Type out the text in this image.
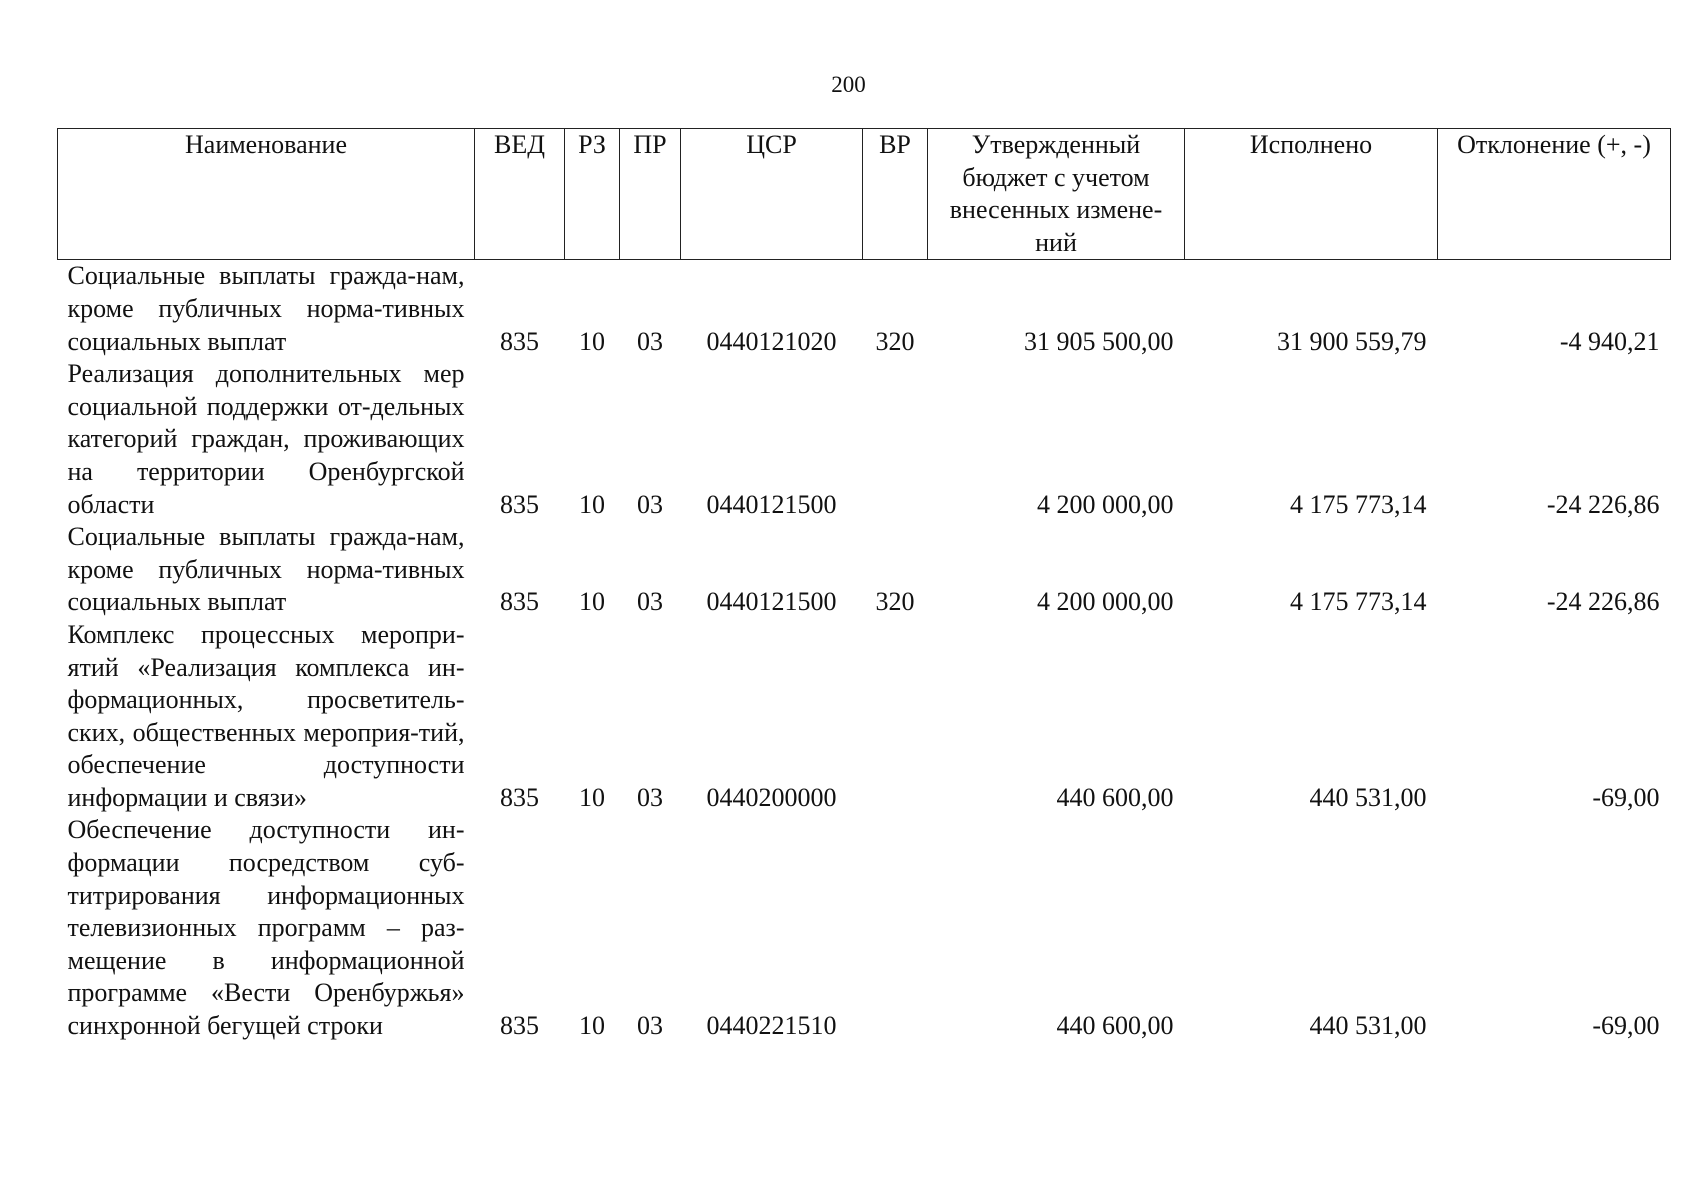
200
Наименование	ВЕД	РЗ	ПР	ЦСР	ВР	Утвержденный бюджет с учетом внесенных измене-ний	Исполнено	Отклонение (+, -)
Социальные выплаты граждa-нам, кроме публичных норма-тивных социальных выплат	835	10	03	0440121020	320	31 905 500,00	31 900 559,79	-4 940,21
Реализация дополнительных мер социальной поддержки от-дельных категорий граждан, проживающих на территории Оренбургской области	835	10	03	0440121500		4 200 000,00	4 175 773,14	-24 226,86
Социальные выплаты гражда-нам, кроме публичных норма-тивных социальных выплат	835	10	03	0440121500	320	4 200 000,00	4 175 773,14	-24 226,86
Комплекс процессных меропри-ятий «Реализация комплекса ин-формационных, просветитель-ских, общественных мероприя-тий, обеспечение доступности информации и связи»	835	10	03	0440200000		440 600,00	440 531,00	-69,00
Обеспечение доступности ин-формации посредством суб-титрирования информационных телевизионных программ – раз-мещение в информационной программе «Вести Оренбуржья» синхронной бегущей строки	835	10	03	0440221510		440 600,00	440 531,00	-69,00
